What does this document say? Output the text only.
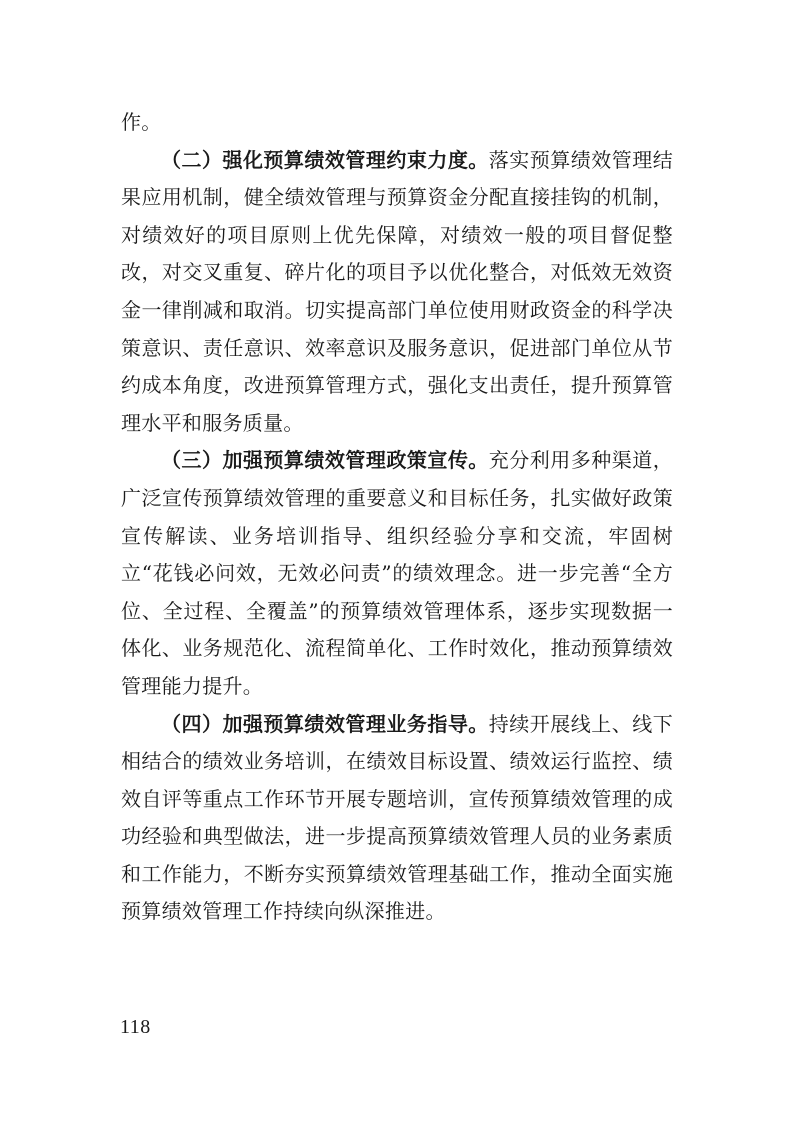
作。

（二）强化预算绩效管理约束力度。落实预算绩效管理结果应用机制，健全绩效管理与预算资金分配直接挂钩的机制，对绩效好的项目原则上优先保障，对绩效一般的项目督促整改，对交叉重复、碎片化的项目予以优化整合，对低效无效资金一律削减和取消。切实提高部门单位使用财政资金的科学决策意识、责任意识、效率意识及服务意识，促进部门单位从节约成本角度，改进预算管理方式，强化支出责任，提升预算管理水平和服务质量。

（三）加强预算绩效管理政策宣传。充分利用多种渠道，广泛宣传预算绩效管理的重要意义和目标任务，扎实做好政策宣传解读、业务培训指导、组织经验分享和交流，牢固树立“花钱必问效，无效必问责”的绩效理念。进一步完善“全方位、全过程、全覆盖”的预算绩效管理体系，逐步实现数据一体化、业务规范化、流程简单化、工作时效化，推动预算绩效管理能力提升。

（四）加强预算绩效管理业务指导。持续开展线上、线下相结合的绩效业务培训，在绩效目标设置、绩效运行监控、绩效自评等重点工作环节开展专题培训，宣传预算绩效管理的成功经验和典型做法，进一步提高预算绩效管理人员的业务素质和工作能力，不断夯实预算绩效管理基础工作，推动全面实施预算绩效管理工作持续向纵深推进。

118
